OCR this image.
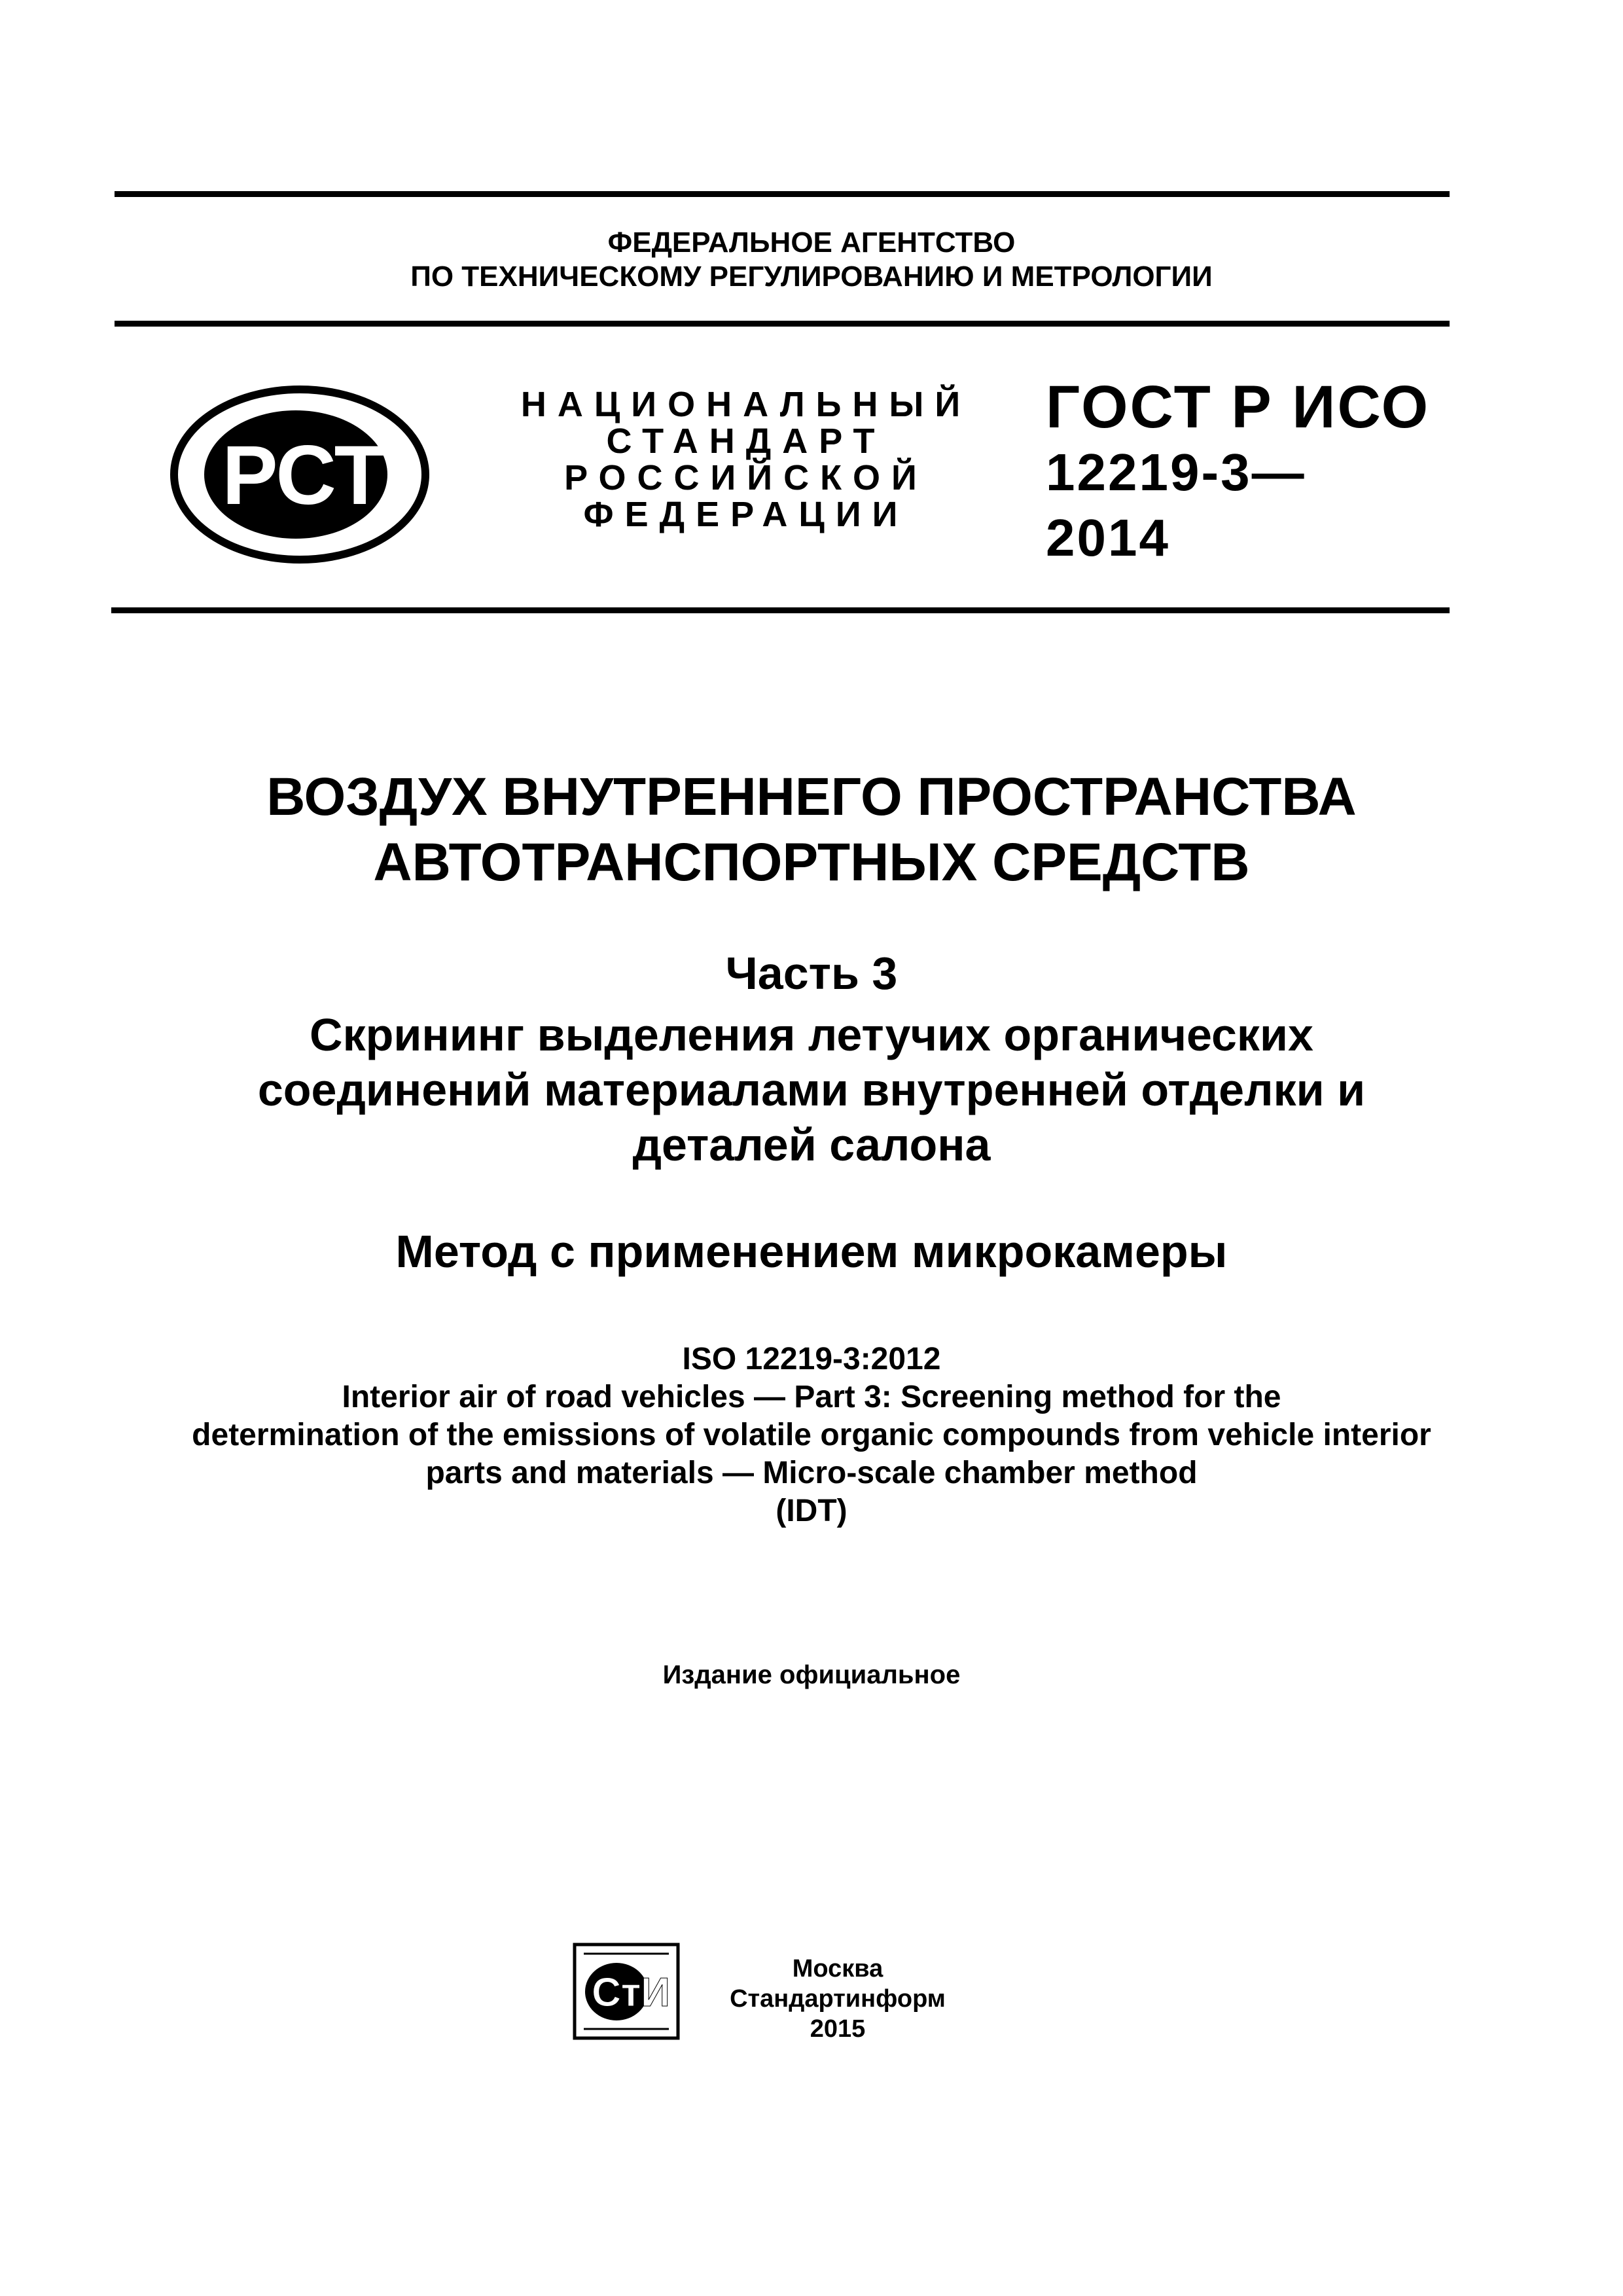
ФЕДЕРАЛЬНОЕ АГЕНТСТВО
ПО ТЕХНИЧЕСКОМУ РЕГУЛИРОВАНИЮ И МЕТРОЛОГИИ
РСТ
НАЦИОНАЛЬНЫЙ
СТАНДАРТ
РОССИЙСКОЙ
ФЕДЕРАЦИИ
ГОСТ Р ИСО
12219-3—
2014
ВОЗДУХ ВНУТРЕННЕГО ПРОСТРАНСТВА
АВТОТРАНСПОРТНЫХ СРЕДСТВ
Часть 3
Скрининг выделения летучих органических
соединений материалами внутренней отделки и
деталей салона
Метод с применением микрокамеры
ISO 12219-3:2012
Interior air of road vehicles — Part 3: Screening method for the
determination of the emissions of volatile organic compounds from vehicle interior
parts and materials — Micro-scale chamber method
(IDT)
Издание официальное
СтИ
Москва
Стандартинформ
2015
